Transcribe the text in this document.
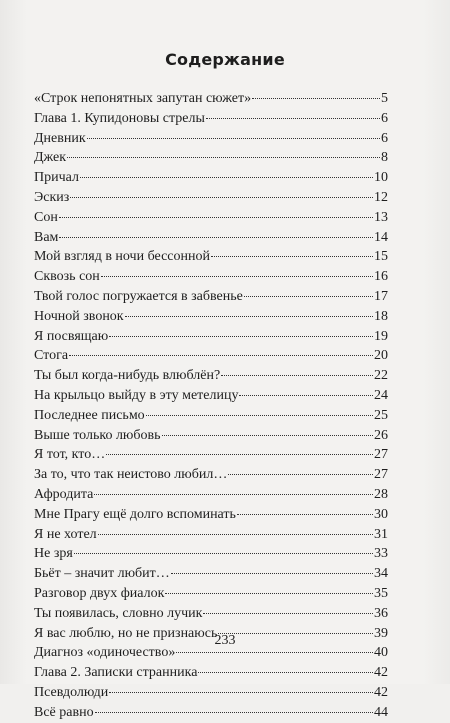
Содержание
«Строк непонятных запутан сюжет»	5
Глава 1. Купидоновы стрелы	6
Дневник	6
Джек	8
Причал	10
Эскиз	12
Сон	13
Вам	14
Мой взгляд в ночи бессонной	15
Сквозь сон	16
Твой голос погружается в забвенье	17
Ночной звонок	18
Я посвящаю	19
Стога	20
Ты был когда-нибудь влюблён?	22
На крыльцо выйду в эту метелицу	24
Последнее письмо	25
Выше только любовь	26
Я тот, кто…	27
За то, что так неистово любил…	27
Афродита	28
Мне Прагу ещё долго вспоминать	30
Я не хотел	31
Не зря	33
Бьёт – значит любит…	34
Разговор двух фиалок	35
Ты появилась, словно лучик	36
Я вас люблю, но не признаюсь	39
Диагноз «одиночество»	40
Глава 2. Записки странника	42
Псевдолюди	42
Всё равно	44
233
